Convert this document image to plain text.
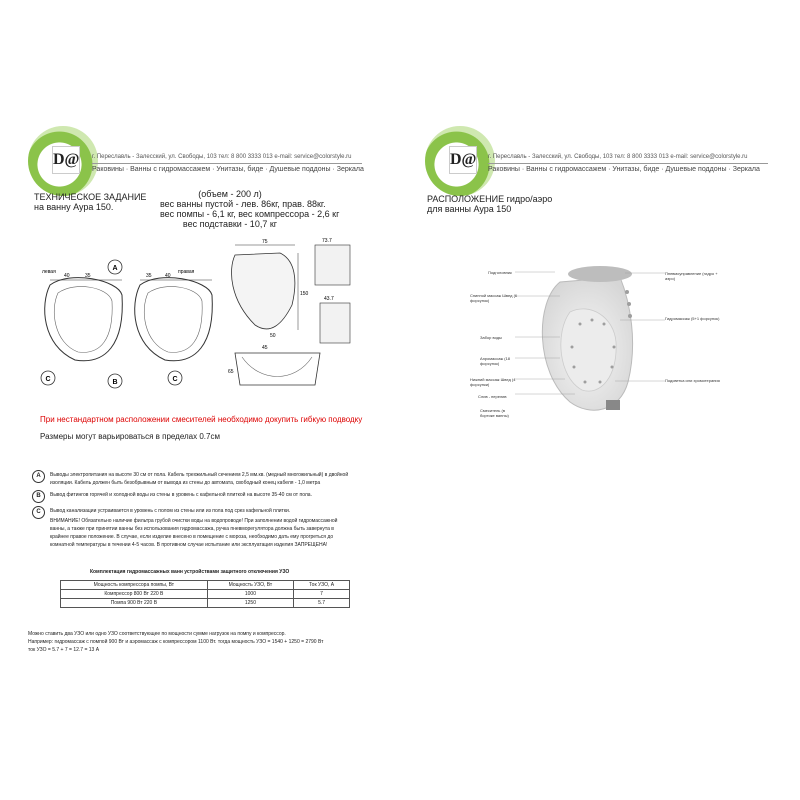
D@ г. Переславль - Залесский, ул. Свободы, 103 тел: 8 800 3333 013 e-mail: service@colorstyle.ru
Раковины · Ванны с гидромассажем · Унитазы, биде · Душевые поддоны · Зеркала
ТЕХНИЧЕСКОЕ ЗАДАНИЕ
на ванну Аура 150.
(объем - 200 л)
вес ванны пустой - лев. 86кг, прав. 88кг.
вес помпы - 6,1 кг, вес компрессора - 2,6 кг
вес подставки - 10,7 кг
левая
40	35
правая
35	40
A
C	B	C
75
150
50
45
65
73.7
43.7
При нестандартном расположении смесителей необходимо докупить гибкую подводку
Размеры могут варьироваться в пределах 0.7см
A	Выводы электропитания на высоте 30 см от пола. Кабель трехжильный сечением 2,5 мм.кв. (медный многожильный) в двойной изоляции. Кабель должен быть безобрывным от вывода из стены до автомата, свободный конец кабеля - 1,0 метра
B	Вывод фитингов горячей и холодной воды из стены в уровень с кафельной плиткой на высоте 35-40 см от пола.
C	Вывод канализации устраивается в уровень с полом из стены или из пола под срез кафельной плитки.
ВНИМАНИЕ! Обязательно наличие фильтра грубой очистки воды на водопроводе! При заполнении водой гидромассажной ванны, а также при принятии ванны без использования гидромассажа, ручка пневморегулятора должна быть завернута в крайнее правое положение. В случае, если изделие внесено в помещение с мороза, необходимо дать ему прогреться до комнатной температуры в течении 4-5 часов. В противном случае испытание или эксплуатация изделия ЗАПРЕЩЕНА!
Комплектация гидромассажных ванн устройствами защитного отключения УЗО
Мощность компрессора помпы, Вт	Мощность УЗО, Вт	Ток УЗО, А
Компрессор 800 Вт 220 В	1000	7
Помпа 900 Вт 220 В	1250	5.7
Можно ставить два УЗО или одно УЗО соответствующее по мощности сумме нагрузок на помпу и компрессор.
Например: гидромассаж с помпой 900 Вт и аэромассаж с компрессором 1100 Вт. тогда мощность УЗО = 1540 + 1250 = 2790 Вт
ток УЗО = 5.7 + 7 = 12.7 = 13 А
D@ г. Переславль - Залесский, ул. Свободы, 103 тел: 8 800 3333 013 e-mail: service@colorstyle.ru
Раковины · Ванны с гидромассажем · Унитазы, биде · Душевые поддоны · Зеркала
РАСПОЛОЖЕНИЕ гидро/аэро
для ванны Аура 150
Подголовник
Спинной массаж Швед (6 форсунок)
Забор воды
Аэромассаж (18 форсунок)
Нижний массаж Швед (4 форсунки)
Слив - перелив
Смеситель (в бортике ванны)
Пневмоуправление (гидро + аэро)
Гидромассаж (5+1 форсунок)
Подсветка или хромотерапия
